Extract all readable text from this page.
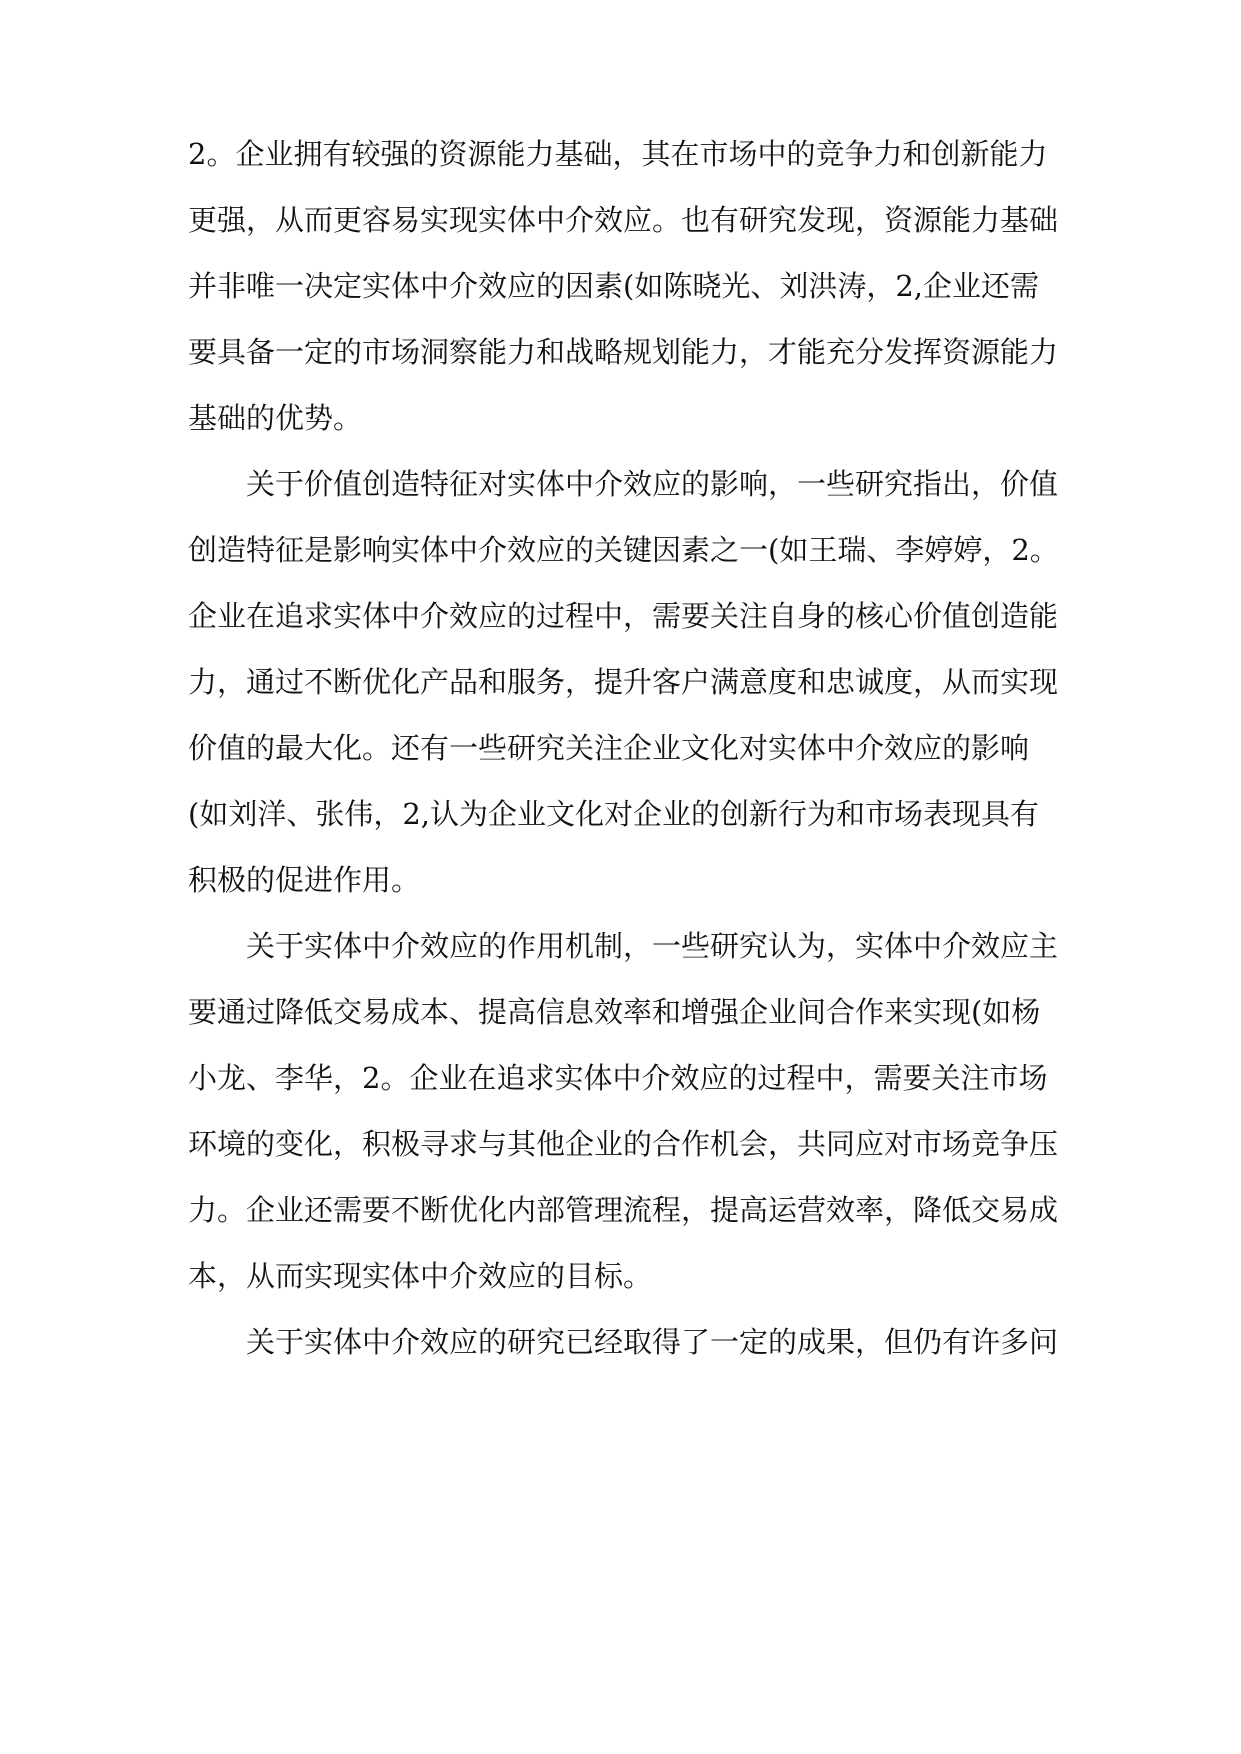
2。企业拥有较强的资源能力基础，其在市场中的竞争力和创新能力
更强，从而更容易实现实体中介效应。也有研究发现，资源能力基础
并非唯一决定实体中介效应的因素(如陈晓光、刘洪涛，2,企业还需
要具备一定的市场洞察能力和战略规划能力，才能充分发挥资源能力
基础的优势。
关于价值创造特征对实体中介效应的影响，一些研究指出，价值
创造特征是影响实体中介效应的关键因素之一(如王瑞、李婷婷，2。
企业在追求实体中介效应的过程中，需要关注自身的核心价值创造能
力，通过不断优化产品和服务，提升客户满意度和忠诚度，从而实现
价值的最大化。还有一些研究关注企业文化对实体中介效应的影响
(如刘洋、张伟，2,认为企业文化对企业的创新行为和市场表现具有
积极的促进作用。
关于实体中介效应的作用机制，一些研究认为，实体中介效应主
要通过降低交易成本、提高信息效率和增强企业间合作来实现(如杨
小龙、李华，2。企业在追求实体中介效应的过程中，需要关注市场
环境的变化，积极寻求与其他企业的合作机会，共同应对市场竞争压
力。企业还需要不断优化内部管理流程，提高运营效率，降低交易成
本，从而实现实体中介效应的目标。
关于实体中介效应的研究已经取得了一定的成果，但仍有许多问
